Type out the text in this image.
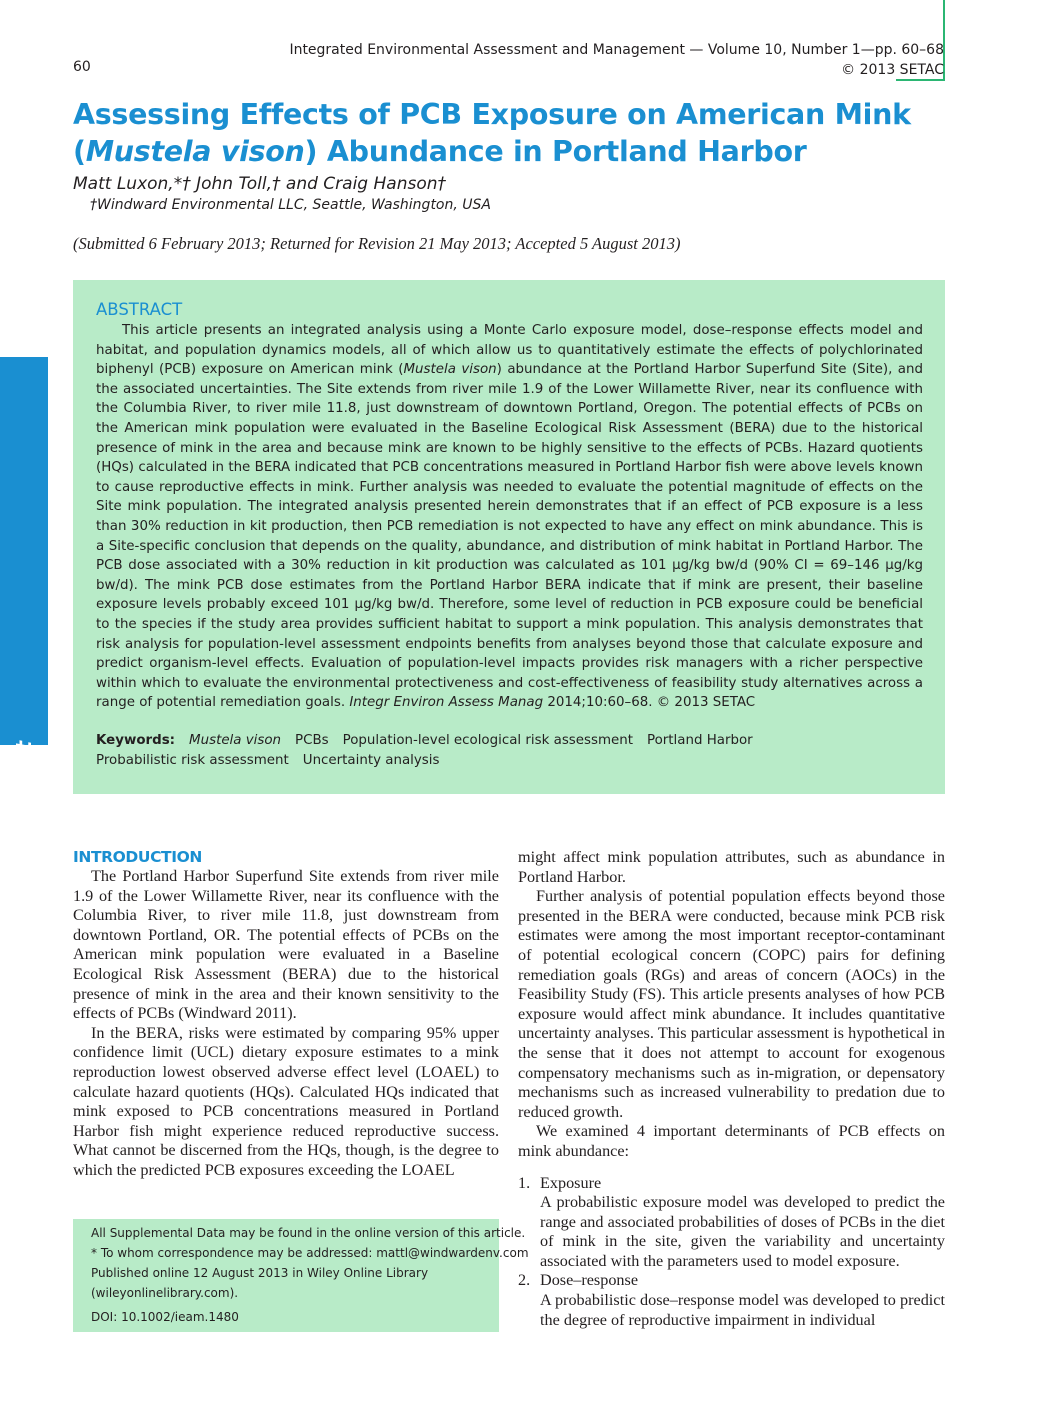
Integrated Environmental Assessment and Management — Volume 10, Number 1—pp. 60–68
© 2013 SETAC
60
Assessing Effects of PCB Exposure on American Mink (Mustela vison) Abundance in Portland Harbor
Matt Luxon,*† John Toll,† and Craig Hanson†
†Windward Environmental LLC, Seattle, Washington, USA
(Submitted 6 February 2013; Returned for Revision 21 May 2013; Accepted 5 August 2013)
ABSTRACT

This article presents an integrated analysis using a Monte Carlo exposure model, dose–response effects model and habitat, and population dynamics models, all of which allow us to quantitatively estimate the effects of polychlorinated biphenyl (PCB) exposure on American mink (Mustela vison) abundance at the Portland Harbor Superfund Site (Site), and the associated uncertainties. The Site extends from river mile 1.9 of the Lower Willamette River, near its confluence with the Columbia River, to river mile 11.8, just downstream of downtown Portland, Oregon. The potential effects of PCBs on the American mink population were evaluated in the Baseline Ecological Risk Assessment (BERA) due to the historical presence of mink in the area and because mink are known to be highly sensitive to the effects of PCBs. Hazard quotients (HQs) calculated in the BERA indicated that PCB concentrations measured in Portland Harbor fish were above levels known to cause reproductive effects in mink. Further analysis was needed to evaluate the potential magnitude of effects on the Site mink population. The integrated analysis presented herein demonstrates that if an effect of PCB exposure is a less than 30% reduction in kit production, then PCB remediation is not expected to have any effect on mink abundance. This is a Site-specific conclusion that depends on the quality, abundance, and distribution of mink habitat in Portland Harbor. The PCB dose associated with a 30% reduction in kit production was calculated as 101 µg/kg bw/d (90% CI = 69–146 µg/kg bw/d). The mink PCB dose estimates from the Portland Harbor BERA indicate that if mink are present, their baseline exposure levels probably exceed 101 µg/kg bw/d. Therefore, some level of reduction in PCB exposure could be beneficial to the species if the study area provides sufficient habitat to support a mink population. This analysis demonstrates that risk analysis for population-level assessment endpoints benefits from analyses beyond those that calculate exposure and predict organism-level effects. Evaluation of population-level impacts provides risk managers with a richer perspective within which to evaluate the environmental protectiveness and cost-effectiveness of feasibility study alternatives across a range of potential remediation goals. Integr Environ Assess Manag 2014;10:60–68. © 2013 SETAC

Keywords: Mustela vison PCBs Population-level ecological risk assessment Portland Harbor
Probabilistic risk assessment Uncertainty analysis
Environmental Management INTRODUCTION

The Portland Harbor Superfund Site extends from river mile 1.9 of the Lower Willamette River, near its confluence with the Columbia River, to river mile 11.8, just downstream from downtown Portland, OR. The potential effects of PCBs on the American mink population were evaluated in a Baseline Ecological Risk Assessment (BERA) due to the historical presence of mink in the area and their known sensitivity to the effects of PCBs (Windward 2011).

In the BERA, risks were estimated by comparing 95% upper confidence limit (UCL) dietary exposure estimates to a mink reproduction lowest observed adverse effect level (LOAEL) to calculate hazard quotients (HQs). Calculated HQs indicated that mink exposed to PCB concentrations measured in Portland Harbor fish might experience reduced reproductive success. What cannot be discerned from the HQs, though, is the degree to which the predicted PCB exposures exceeding the LOAEL

might affect mink population attributes, such as abundance in Portland Harbor.

Further analysis of potential population effects beyond those presented in the BERA were conducted, because mink PCB risk estimates were among the most important receptor-contaminant of potential ecological concern (COPC) pairs for defining remediation goals (RGs) and areas of concern (AOCs) in the Feasibility Study (FS). This article presents analyses of how PCB exposure would affect mink abundance. It includes quantitative uncertainty analyses. This particular assessment is hypothetical in the sense that it does not attempt to account for exogenous compensatory mechanisms such as in-migration, or depensatory mechanisms such as increased vulnerability to predation due to reduced growth.

We examined 4 important determinants of PCB effects on mink abundance:

1. Exposure
A probabilistic exposure model was developed to predict the range and associated probabilities of doses of PCBs in the diet of mink in the site, given the variability and uncertainty associated with the parameters used to model exposure.
2. Dose–response
A probabilistic dose–response model was developed to predict the degree of reproductive impairment in individual
All Supplemental Data may be found in the online version of this article.
* To whom correspondence may be addressed: mattl@windwardenv.com
Published online 12 August 2013 in Wiley Online Library
(wileyonlinelibrary.com).
DOI: 10.1002/ieam.1480
